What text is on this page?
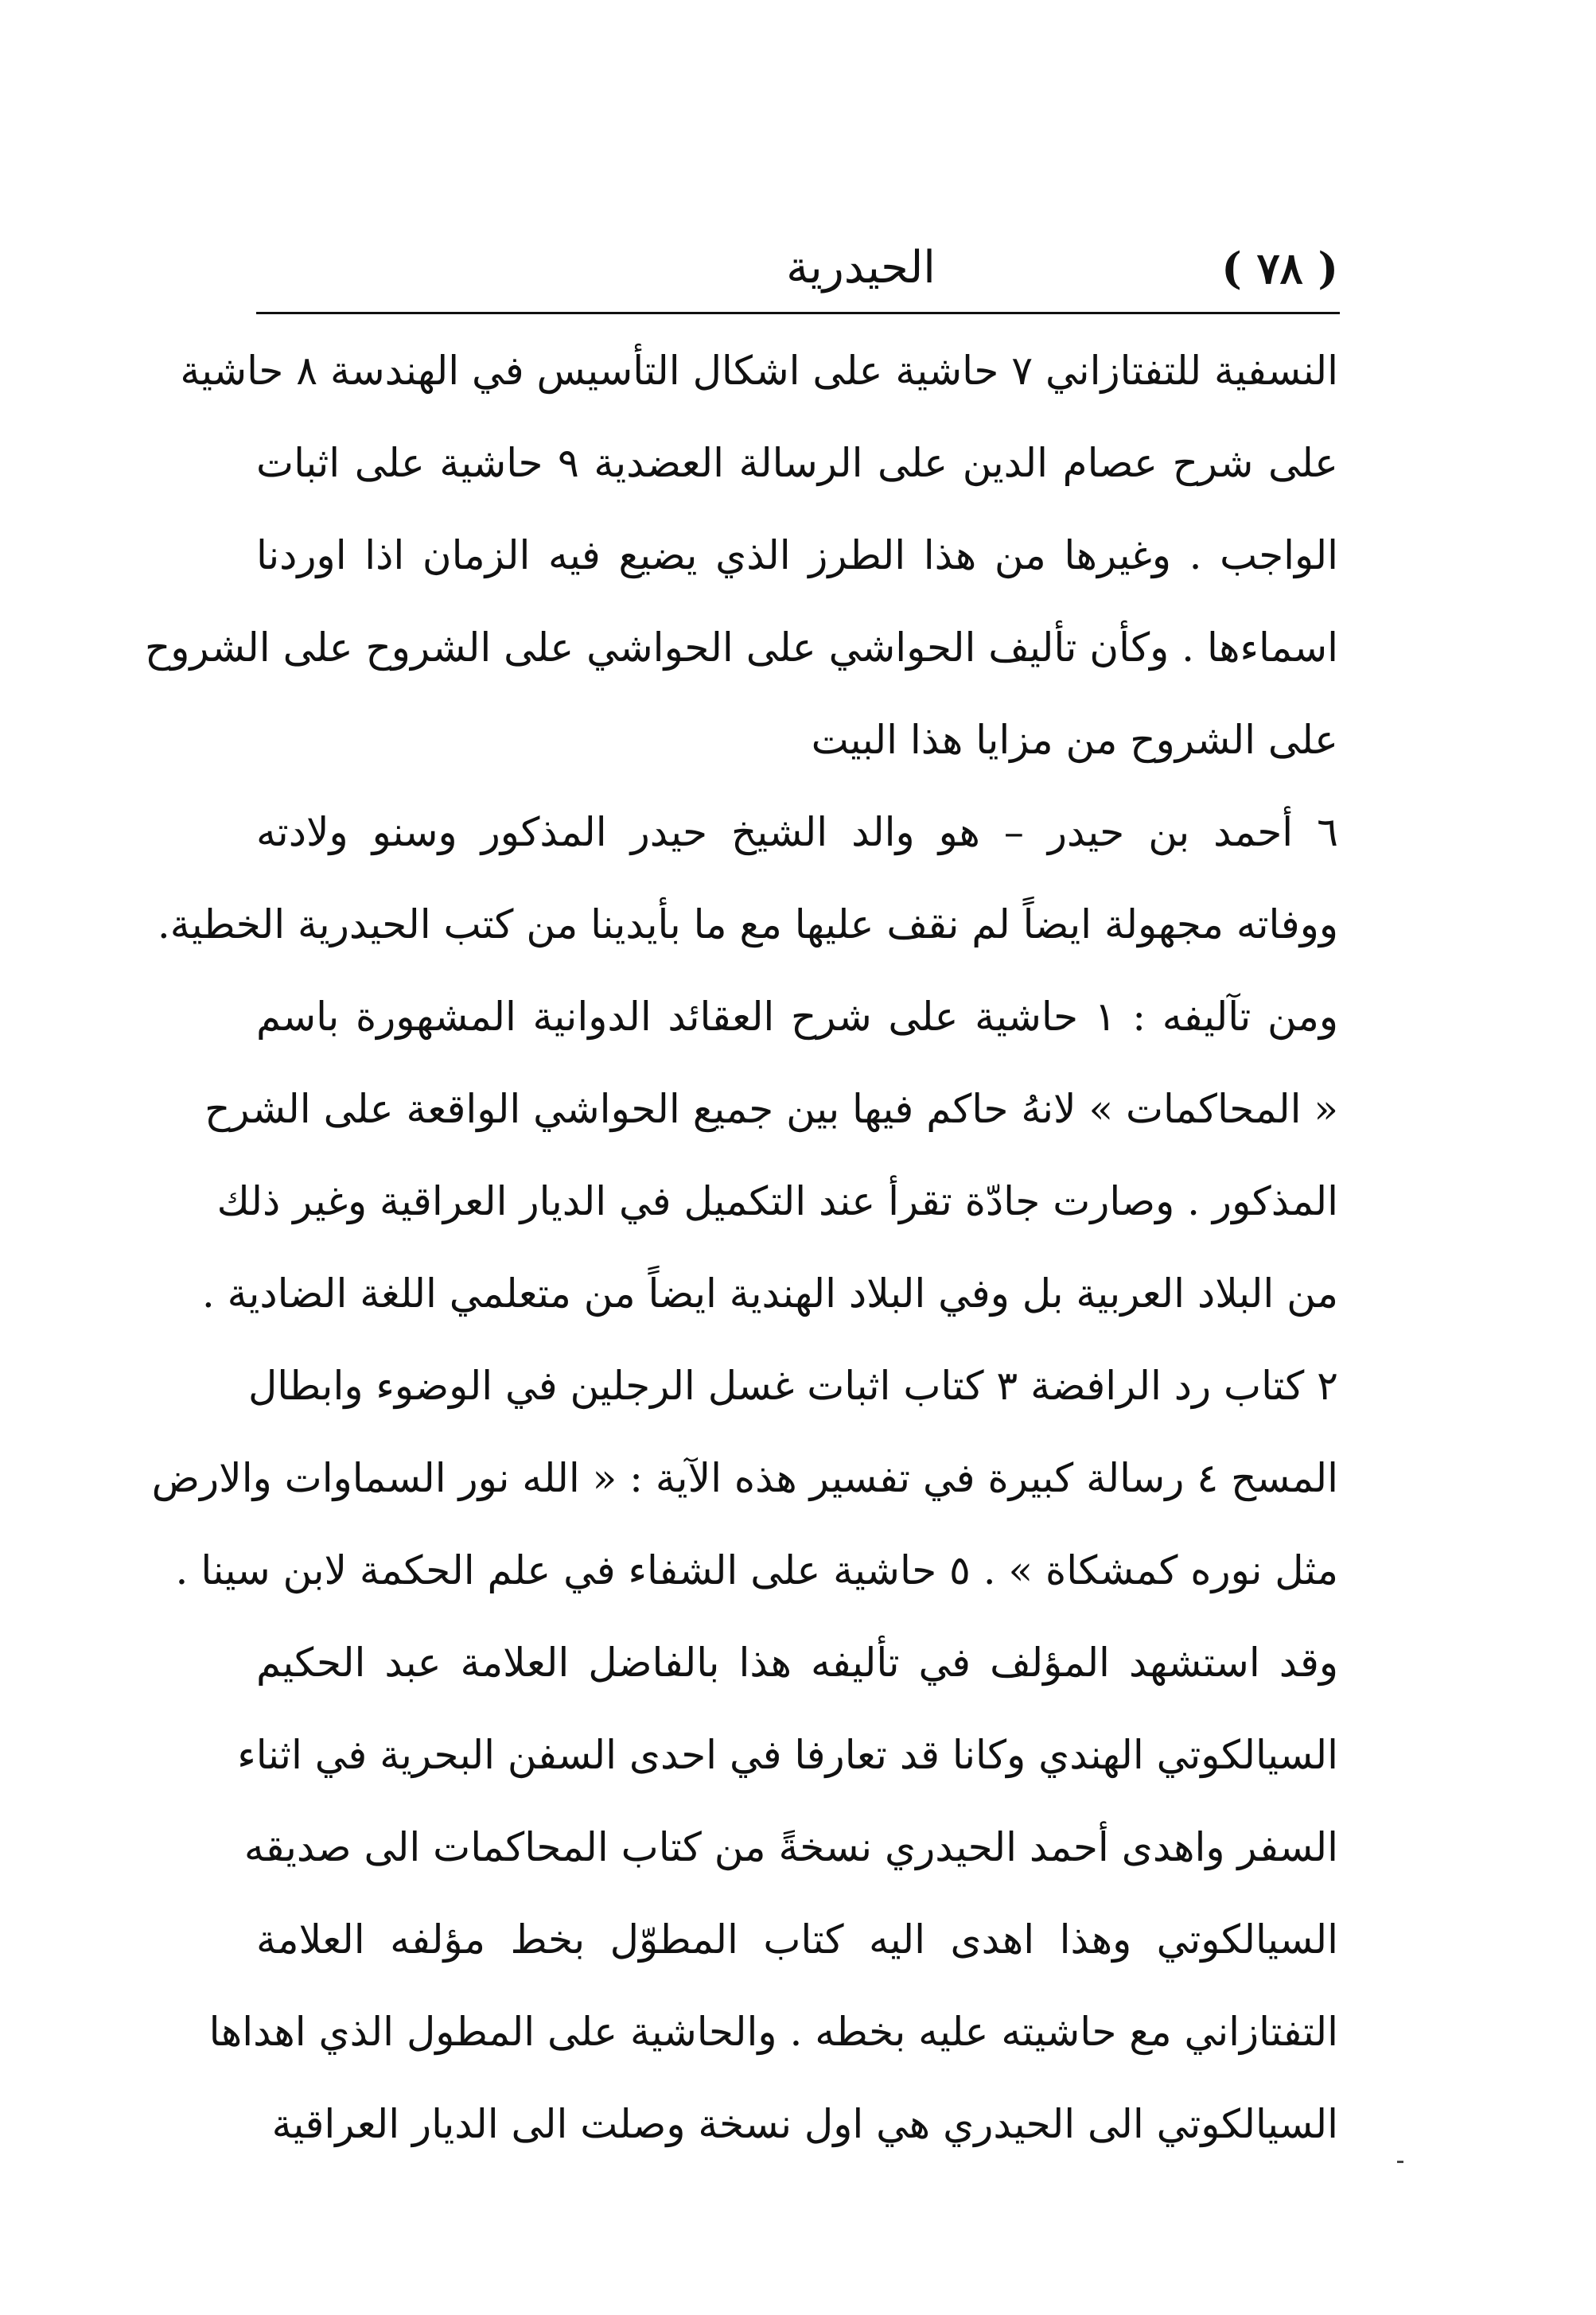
( ٧٨ )
الحيدرية
النسفية للتفتازاني ٧ حاشية على اشكال التأسيس في الهندسة ٨ حاشية
على شرح عصام الدين على الرسالة العضدية ٩ حاشية على اثبات
الواجب . وغيرها من هذا الطرز الذي يضيع فيه الزمان اذا اوردنا
اسماءها . وكأن تأليف الحواشي على الحواشي على الشروح على الشروح
على الشروح من مزايا هذا البيت
٦ أحمد بن حيدر – هو والد الشيخ حيدر المذكور وسنو ولادته
ووفاته مجهولة ايضاً لم نقف عليها مع ما بأيدينا من كتب الحيدرية الخطية.
ومن تآليفه : ١ حاشية على شرح العقائد الدوانية المشهورة باسم
« المحاكمات » لانهُ حاكم فيها بين جميع الحواشي الواقعة على الشرح
المذكور . وصارت جادّة تقرأ عند التكميل في الديار العراقية وغير ذلك
من البلاد العربية بل وفي البلاد الهندية ايضاً من متعلمي اللغة الضادية .
٢ كتاب رد الرافضة ٣ كتاب اثبات غسل الرجلين في الوضوء وابطال
المسح ٤ رسالة كبيرة في تفسير هذه الآية : « الله نور السماوات والارض
مثل نوره كمشكاة » . ٥ حاشية على الشفاء في علم الحكمة لابن سينا .
وقد استشهد المؤلف في تأليفه هذا بالفاضل العلامة عبد الحكيم
السيالكوتي الهندي وكانا قد تعارفا في احدى السفن البحرية في اثناء
السفر واهدى أحمد الحيدري نسخةً من كتاب المحاكمات الى صديقه
السيالكوتي وهذا اهدى اليه كتاب المطوّل بخط مؤلفه العلامة
التفتازاني مع حاشيته عليه بخطه . والحاشية على المطول الذي اهداها
السيالكوتي الى الحيدري هي اول نسخة وصلت الى الديار العراقية
